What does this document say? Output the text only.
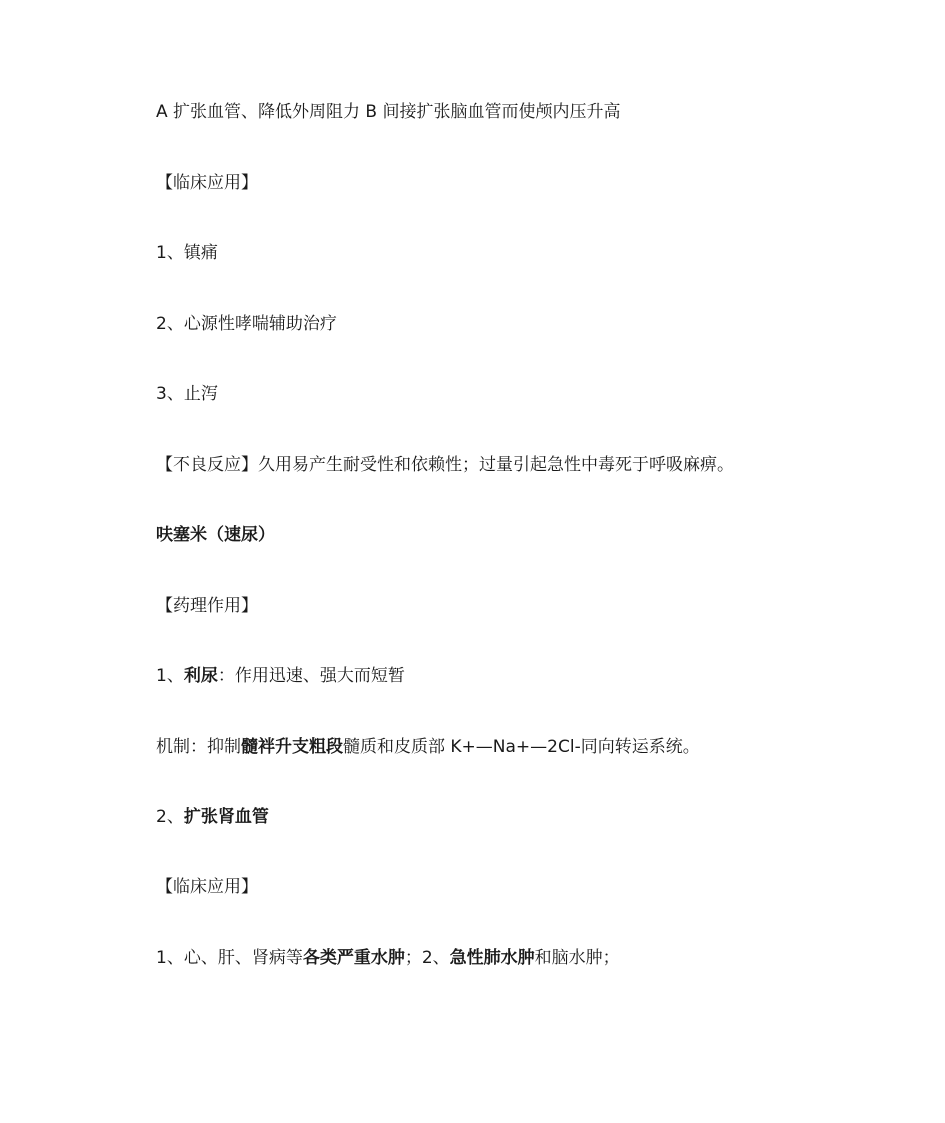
A 扩张血管、降低外周阻力 B 间接扩张脑血管而使颅内压升高
【临床应用】
1、镇痛
2、心源性哮喘辅助治疗
3、止泻
【不良反应】久用易产生耐受性和依赖性；过量引起急性中毒死于呼吸麻痹。
呋塞米（速尿）
【药理作用】
1、利尿：作用迅速、强大而短暂
机制：抑制髓袢升支粗段髓质和皮质部 K+—Na+—2Cl-同向转运系统。
2、扩张肾血管
【临床应用】
1、心、肝、肾病等各类严重水肿；2、急性肺水肿和脑水肿；
